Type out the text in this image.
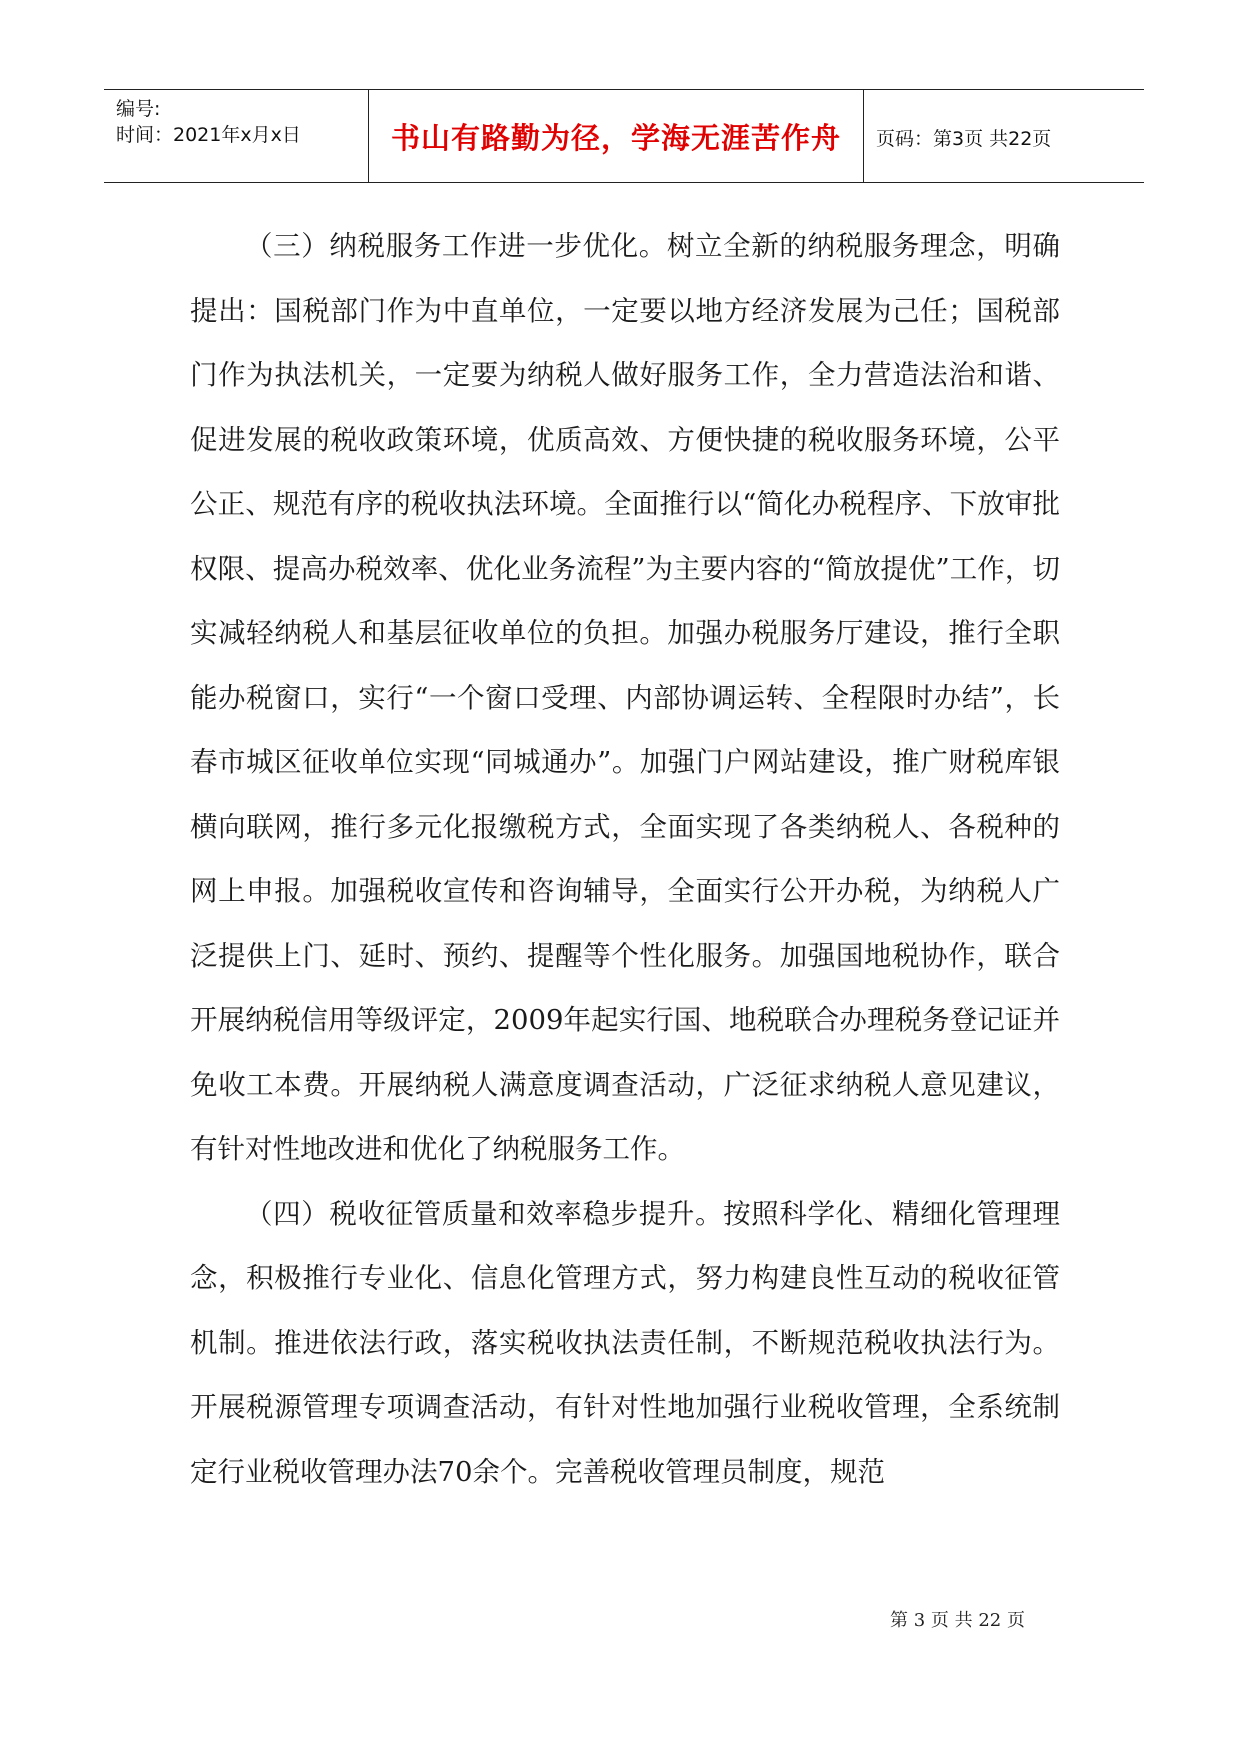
编号:
时间：2021年x月x日	书山有路勤为径，学海无涯苦作舟	页码：第3页 共22页

（三）纳税服务工作进一步优化。树立全新的纳税服务理念，明确提出：国税部门作为中直单位，一定要以地方经济发展为己任；国税部门作为执法机关，一定要为纳税人做好服务工作，全力营造法治和谐、促进发展的税收政策环境，优质高效、方便快捷的税收服务环境，公平公正、规范有序的税收执法环境。全面推行以“简化办税程序、下放审批权限、提高办税效率、优化业务流程”为主要内容的“简放提优”工作，切实减轻纳税人和基层征收单位的负担。加强办税服务厅建设，推行全职能办税窗口，实行“一个窗口受理、内部协调运转、全程限时办结”，长春市城区征收单位实现“同城通办”。加强门户网站建设，推广财税库银横向联网，推行多元化报缴税方式，全面实现了各类纳税人、各税种的网上申报。加强税收宣传和咨询辅导，全面实行公开办税，为纳税人广泛提供上门、延时、预约、提醒等个性化服务。加强国地税协作，联合开展纳税信用等级评定，2009年起实行国、地税联合办理税务登记证并免收工本费。开展纳税人满意度调查活动，广泛征求纳税人意见建议，有针对性地改进和优化了纳税服务工作。

（四）税收征管质量和效率稳步提升。按照科学化、精细化管理理念，积极推行专业化、信息化管理方式，努力构建良性互动的税收征管机制。推进依法行政，落实税收执法责任制，不断规范税收执法行为。开展税源管理专项调查活动，有针对性地加强行业税收管理，全系统制定行业税收管理办法70余个。完善税收管理员制度，规范

第 3 页 共 22 页
